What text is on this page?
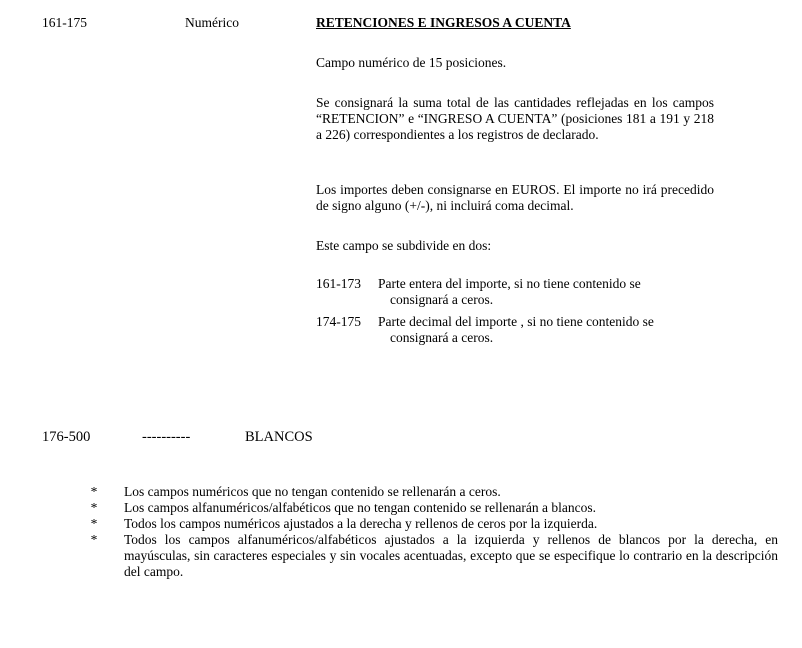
161-175	Numérico	RETENCIONES E INGRESOS A CUENTA
Campo numérico de 15 posiciones.
Se consignará la suma total de las cantidades reflejadas en los campos “RETENCION” e “INGRESO A CUENTA” (posiciones 181 a 191 y 218 a 226) correspondientes a los registros de declarado.
Los importes deben consignarse en EUROS. El importe no irá precedido de signo alguno (+/-), ni incluirá coma decimal.
Este campo se subdivide en dos:
161-173 Parte entera del importe, si no tiene contenido se
consignará a ceros.
174-175 Parte decimal del importe , si no tiene contenido se
consignará a ceros.
176-500	----------	BLANCOS
*	Los campos numéricos que no tengan contenido se rellenarán a ceros.
*	Los campos alfanuméricos/alfabéticos que no tengan contenido se rellenarán a blancos.
*	Todos los campos numéricos ajustados a la derecha y rellenos de ceros por la izquierda.
*	Todos los campos alfanuméricos/alfabéticos ajustados a la izquierda y rellenos de blancos por la derecha, en mayúsculas, sin caracteres especiales y sin vocales acentuadas, excepto que se especifique lo contrario en la descripción del campo.
